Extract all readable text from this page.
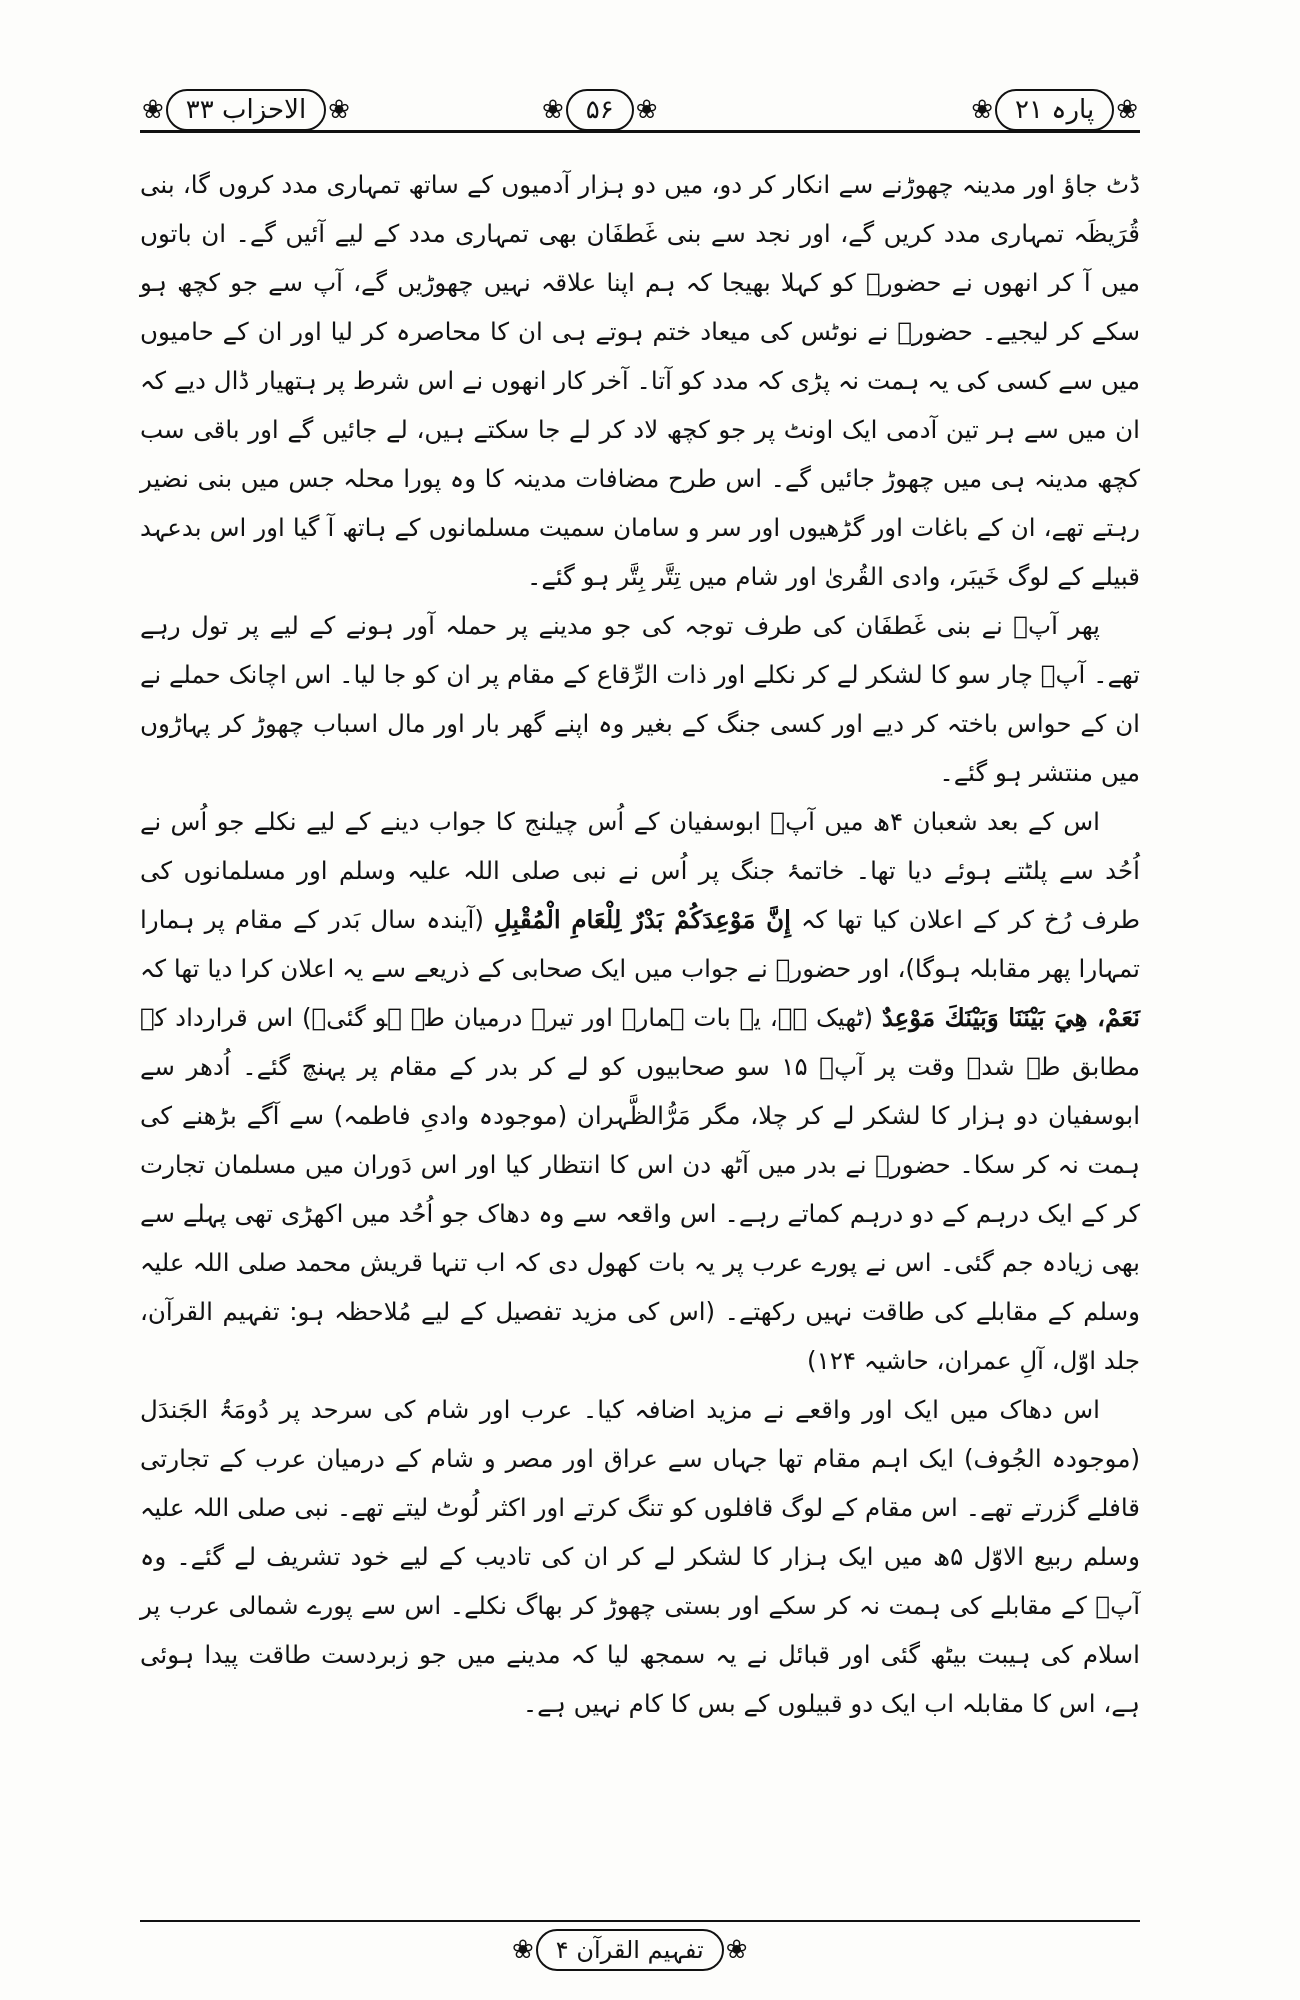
❀ الاحزاب ۳۳ ❀	❀ ۵۶ ❀	❀ پارہ ۲۱ ❀

ڈٹ جاؤ اور مدینہ چھوڑنے سے انکار کر دو، میں دو ہزار آدمیوں کے ساتھ تمہاری مدد کروں گا، بنی قُرَیظَہ تمہاری مدد کریں گے، اور نجد سے بنی غَطفَان بھی تمہاری مدد کے لیے آئیں گے۔ ان باتوں میں آ کر انھوں نے حضورؐ کو کہلا بھیجا کہ ہم اپنا علاقہ نہیں چھوڑیں گے، آپ سے جو کچھ ہو سکے کر لیجیے۔ حضورؐ نے نوٹس کی میعاد ختم ہوتے ہی ان کا محاصرہ کر لیا اور ان کے حامیوں میں سے کسی کی یہ ہمت نہ پڑی کہ مدد کو آتا۔ آخر کار انھوں نے اس شرط پر ہتھیار ڈال دیے کہ ان میں سے ہر تین آدمی ایک اونٹ پر جو کچھ لاد کر لے جا سکتے ہیں، لے جائیں گے اور باقی سب کچھ مدینہ ہی میں چھوڑ جائیں گے۔ اس طرح مضافات مدینہ کا وہ پورا محلہ جس میں بنی نضیر رہتے تھے، ان کے باغات اور گڑھیوں اور سر و سامان سمیت مسلمانوں کے ہاتھ آ گیا اور اس بدعہد قبیلے کے لوگ خَیبَر، وادی القُریٰ اور شام میں تِتَّر بِتَّر ہو گئے۔

پھر آپؐ نے بنی غَطفَان کی طرف توجہ کی جو مدینے پر حملہ آور ہونے کے لیے پر تول رہے تھے۔ آپؐ چار سو کا لشکر لے کر نکلے اور ذات الرِّقاع کے مقام پر ان کو جا لیا۔ اس اچانک حملے نے ان کے حواس باختہ کر دیے اور کسی جنگ کے بغیر وہ اپنے گھر بار اور مال اسباب چھوڑ کر پہاڑوں میں منتشر ہو گئے۔

اس کے بعد شعبان ۴ھ میں آپؐ ابوسفیان کے اُس چیلنج کا جواب دینے کے لیے نکلے جو اُس نے اُحُد سے پلٹتے ہوئے دیا تھا۔ خاتمۂ جنگ پر اُس نے نبی صلی اللہ علیہ وسلم اور مسلمانوں کی طرف رُخ کر کے اعلان کیا تھا کہ إِنَّ مَوْعِدَكُمْ بَدْرٌ لِلْعَامِ الْمُقْبِلِ (آیندہ سال بَدر کے مقام پر ہمارا تمہارا پھر مقابلہ ہوگا)، اور حضورؐ نے جواب میں ایک صحابی کے ذریعے سے یہ اعلان کرا دیا تھا کہ نَعَمْ، هِيَ بَيْنَنَا وَبَيْنَكَ مَوْعِدٌ (ٹھیک ہے، یہ بات ہمارے اور تیرے درمیان طے ہو گئی۔) اس قرارداد کے مطابق طے شدہ وقت پر آپؐ ۱۵ سو صحابیوں کو لے کر بدر کے مقام پر پہنچ گئے۔ اُدھر سے ابوسفیان دو ہزار کا لشکر لے کر چلا، مگر مَرُّالظَّہران (موجودہ وادیِ فاطمہ) سے آگے بڑھنے کی ہمت نہ کر سکا۔ حضورؐ نے بدر میں آٹھ دن اس کا انتظار کیا اور اس دَوران میں مسلمان تجارت کر کے ایک درہم کے دو درہم کماتے رہے۔ اس واقعہ سے وہ دھاک جو اُحُد میں اکھڑی تھی پہلے سے بھی زیادہ جم گئی۔ اس نے پورے عرب پر یہ بات کھول دی کہ اب تنہا قریش محمد صلی اللہ علیہ وسلم کے مقابلے کی طاقت نہیں رکھتے۔ (اس کی مزید تفصیل کے لیے مُلاحظہ ہو: تفہیم القرآن، جلد اوّل، آلِ عمران، حاشیہ ۱۲۴)

اس دھاک میں ایک اور واقعے نے مزید اضافہ کیا۔ عرب اور شام کی سرحد پر دُومَۃُ الجَندَل (موجودہ الجُوف) ایک اہم مقام تھا جہاں سے عراق اور مصر و شام کے درمیان عرب کے تجارتی قافلے گزرتے تھے۔ اس مقام کے لوگ قافلوں کو تنگ کرتے اور اکثر لُوٹ لیتے تھے۔ نبی صلی اللہ علیہ وسلم ربیع الاوّل ۵ھ میں ایک ہزار کا لشکر لے کر ان کی تادیب کے لیے خود تشریف لے گئے۔ وہ آپؐ کے مقابلے کی ہمت نہ کر سکے اور بستی چھوڑ کر بھاگ نکلے۔ اس سے پورے شمالی عرب پر اسلام کی ہیبت بیٹھ گئی اور قبائل نے یہ سمجھ لیا کہ مدینے میں جو زبردست طاقت پیدا ہوئی ہے، اس کا مقابلہ اب ایک دو قبیلوں کے بس کا کام نہیں ہے۔

❀ تفہیم القرآن ۴ ❀
